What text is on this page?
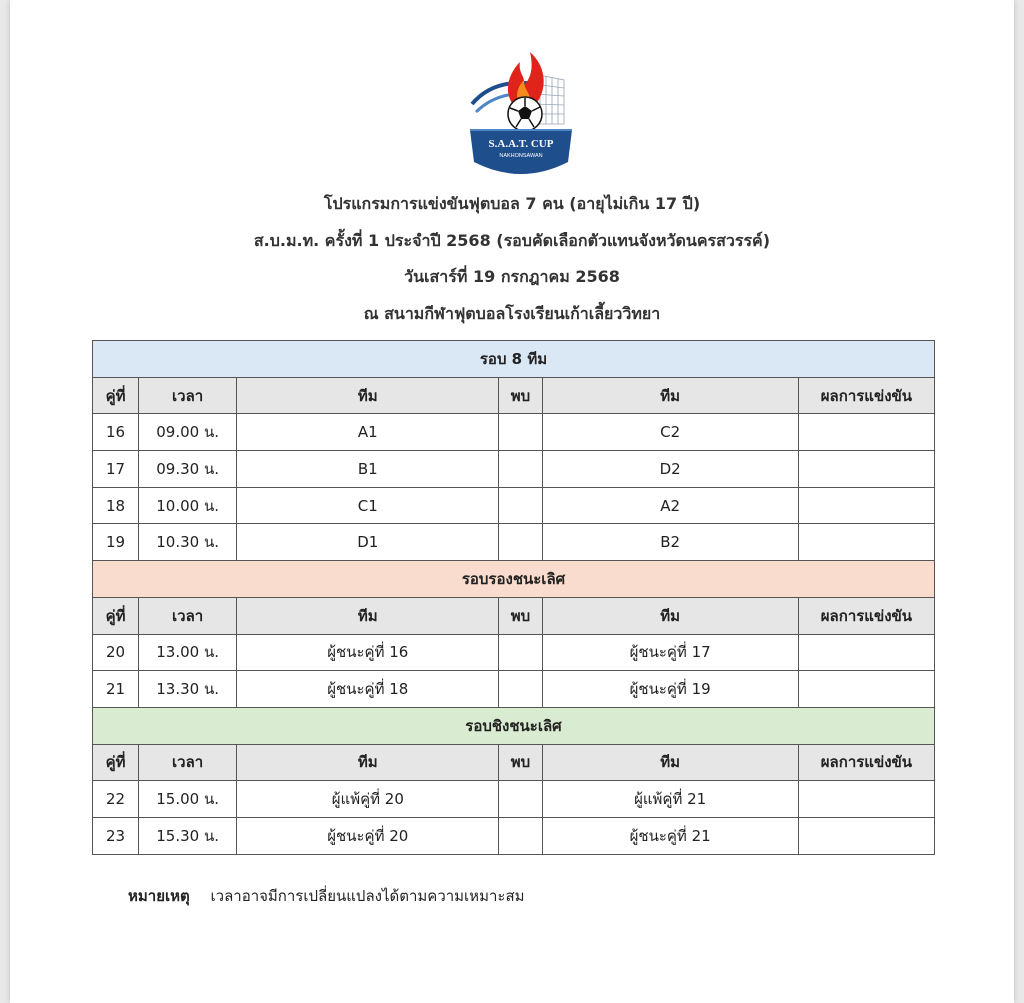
S.A.A.T. CUP
NAKHONSAWAN
โปรแกรมการแข่งขันฟุตบอล 7 คน (อายุไม่เกิน 17 ปี)
ส.บ.ม.ท. ครั้งที่ 1 ประจำปี 2568 (รอบคัดเลือกตัวแทนจังหวัดนครสวรรค์)
วันเสาร์ที่ 19 กรกฎาคม 2568
ณ สนามกีฬาฟุตบอลโรงเรียนเก้าเลี้ยววิทยา
รอบ 8 ทีม					
คู่ที่	เวลา	ทีม	พบ	ทีม	ผลการแข่งขัน
16	09.00 น.	A1		C2	
17	09.30 น.	B1		D2	
18	10.00 น.	C1		A2	
19	10.30 น.	D1		B2	
รอบรองชนะเลิศ					
คู่ที่	เวลา	ทีม	พบ	ทีม	ผลการแข่งขัน
20	13.00 น.	ผู้ชนะคู่ที่ 16		ผู้ชนะคู่ที่ 17	
21	13.30 น.	ผู้ชนะคู่ที่ 18		ผู้ชนะคู่ที่ 19	
รอบชิงชนะเลิศ					
คู่ที่	เวลา	ทีม	พบ	ทีม	ผลการแข่งขัน
22	15.00 น.	ผู้แพ้คู่ที่ 20		ผู้แพ้คู่ที่ 21	
23	15.30 น.	ผู้ชนะคู่ที่ 20		ผู้ชนะคู่ที่ 21	
หมายเหตุ เวลาอาจมีการเปลี่ยนแปลงได้ตามความเหมาะสม
